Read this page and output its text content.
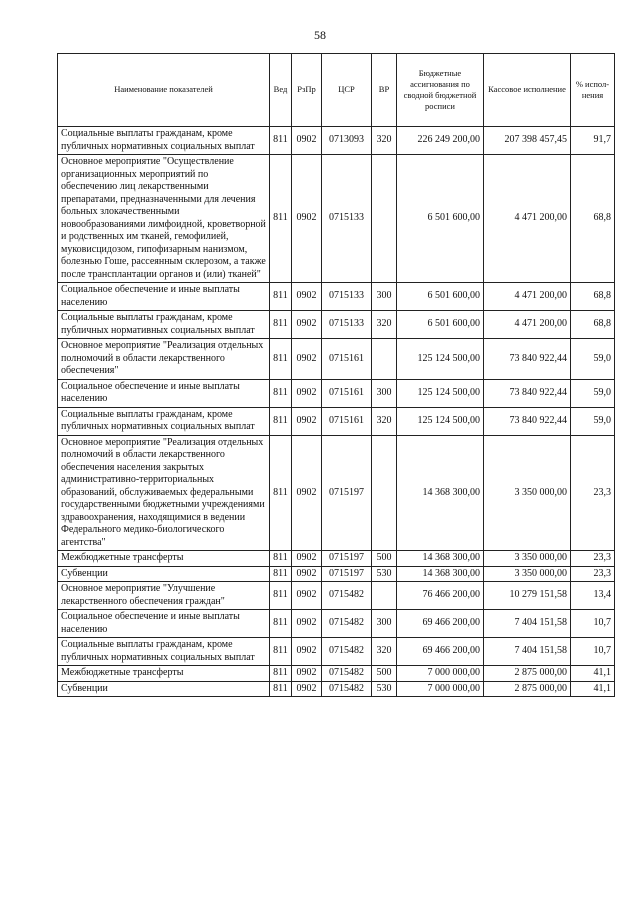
58
Наименование показателей	Вед	РзПр	ЦСР	ВР	Бюджетные ассигнования по сводной бюджетной росписи	Кассовое исполнение	% испол-нения
Социальные выплаты гражданам, кроме публичных нормативных социальных выплат	811	0902	0713093	320	226 249 200,00	207 398 457,45	91,7
Основное мероприятие "Осуществление организационных мероприятий по обеспечению лиц лекарственными препаратами, предназначенными для лечения больных злокачественными новообразованиями лимфоидной, кроветворной и родственных им тканей, гемофилией, муковисцидозом, гипофизарным нанизмом, болезнью Гоше, рассеянным склерозом, а также после трансплантации органов и (или) тканей"	811	0902	0715133		6 501 600,00	4 471 200,00	68,8
Социальное обеспечение и иные выплаты населению	811	0902	0715133	300	6 501 600,00	4 471 200,00	68,8
Социальные выплаты гражданам, кроме публичных нормативных социальных выплат	811	0902	0715133	320	6 501 600,00	4 471 200,00	68,8
Основное мероприятие "Реализация отдельных полномочий в области лекарственного обеспечения"	811	0902	0715161		125 124 500,00	73 840 922,44	59,0
Социальное обеспечение и иные выплаты населению	811	0902	0715161	300	125 124 500,00	73 840 922,44	59,0
Социальные выплаты гражданам, кроме публичных нормативных социальных выплат	811	0902	0715161	320	125 124 500,00	73 840 922,44	59,0
Основное мероприятие "Реализация отдельных полномочий в области лекарственного обеспечения населения закрытых административно-территориальных образований, обслуживаемых федеральными государственными бюджетными учреждениями здравоохранения, находящимися в ведении Федерального медико-биологического агентства"	811	0902	0715197		14 368 300,00	3 350 000,00	23,3
Межбюджетные трансферты	811	0902	0715197	500	14 368 300,00	3 350 000,00	23,3
Субвенции	811	0902	0715197	530	14 368 300,00	3 350 000,00	23,3
Основное мероприятие "Улучшение лекарственного обеспечения граждан"	811	0902	0715482		76 466 200,00	10 279 151,58	13,4
Социальное обеспечение и иные выплаты населению	811	0902	0715482	300	69 466 200,00	7 404 151,58	10,7
Социальные выплаты гражданам, кроме публичных нормативных социальных выплат	811	0902	0715482	320	69 466 200,00	7 404 151,58	10,7
Межбюджетные трансферты	811	0902	0715482	500	7 000 000,00	2 875 000,00	41,1
Субвенции	811	0902	0715482	530	7 000 000,00	2 875 000,00	41,1
